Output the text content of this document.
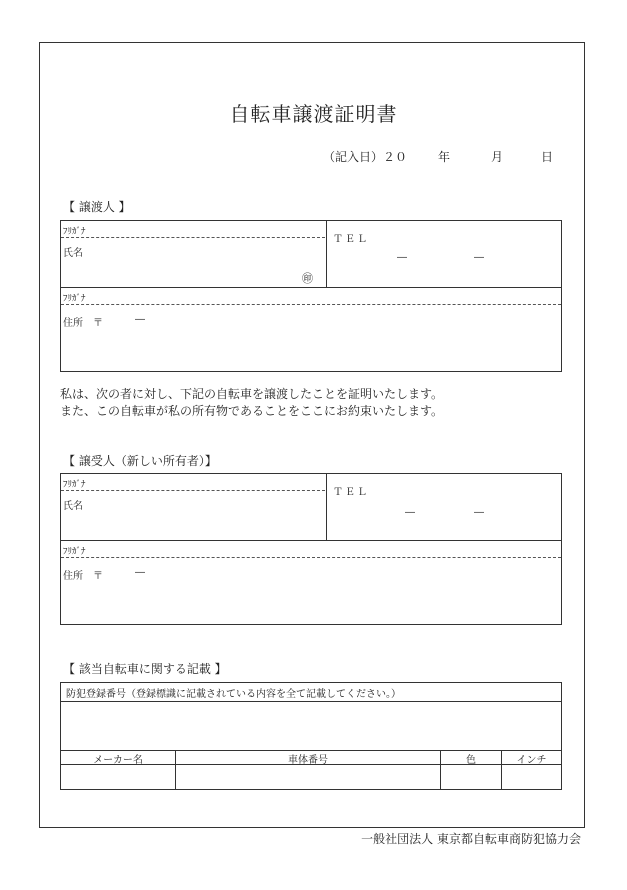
自転車譲渡証明書
（記入日） ２０	年	月	日
【 譲渡人 】
ﾌﾘｶﾞﾅ
氏名
㊞
ＴＥＬ
―	―
ﾌﾘｶﾞﾅ
住所 〒	―
私は、次の者に対し、下記の自転車を譲渡したことを証明いたします。
また、この自転車が私の所有物であることをここにお約束いたします。
【 譲受人（新しい所有者）】
ﾌﾘｶﾞﾅ
氏名
ＴＥＬ
―	―
ﾌﾘｶﾞﾅ
住所 〒	―
【 該当自転車に関する記載 】
防犯登録番号（登録標識に記載されている内容を全て記載してください。）
メーカー名	車体番号	色	インチ
一般社団法人 東京都自転車商防犯協力会
